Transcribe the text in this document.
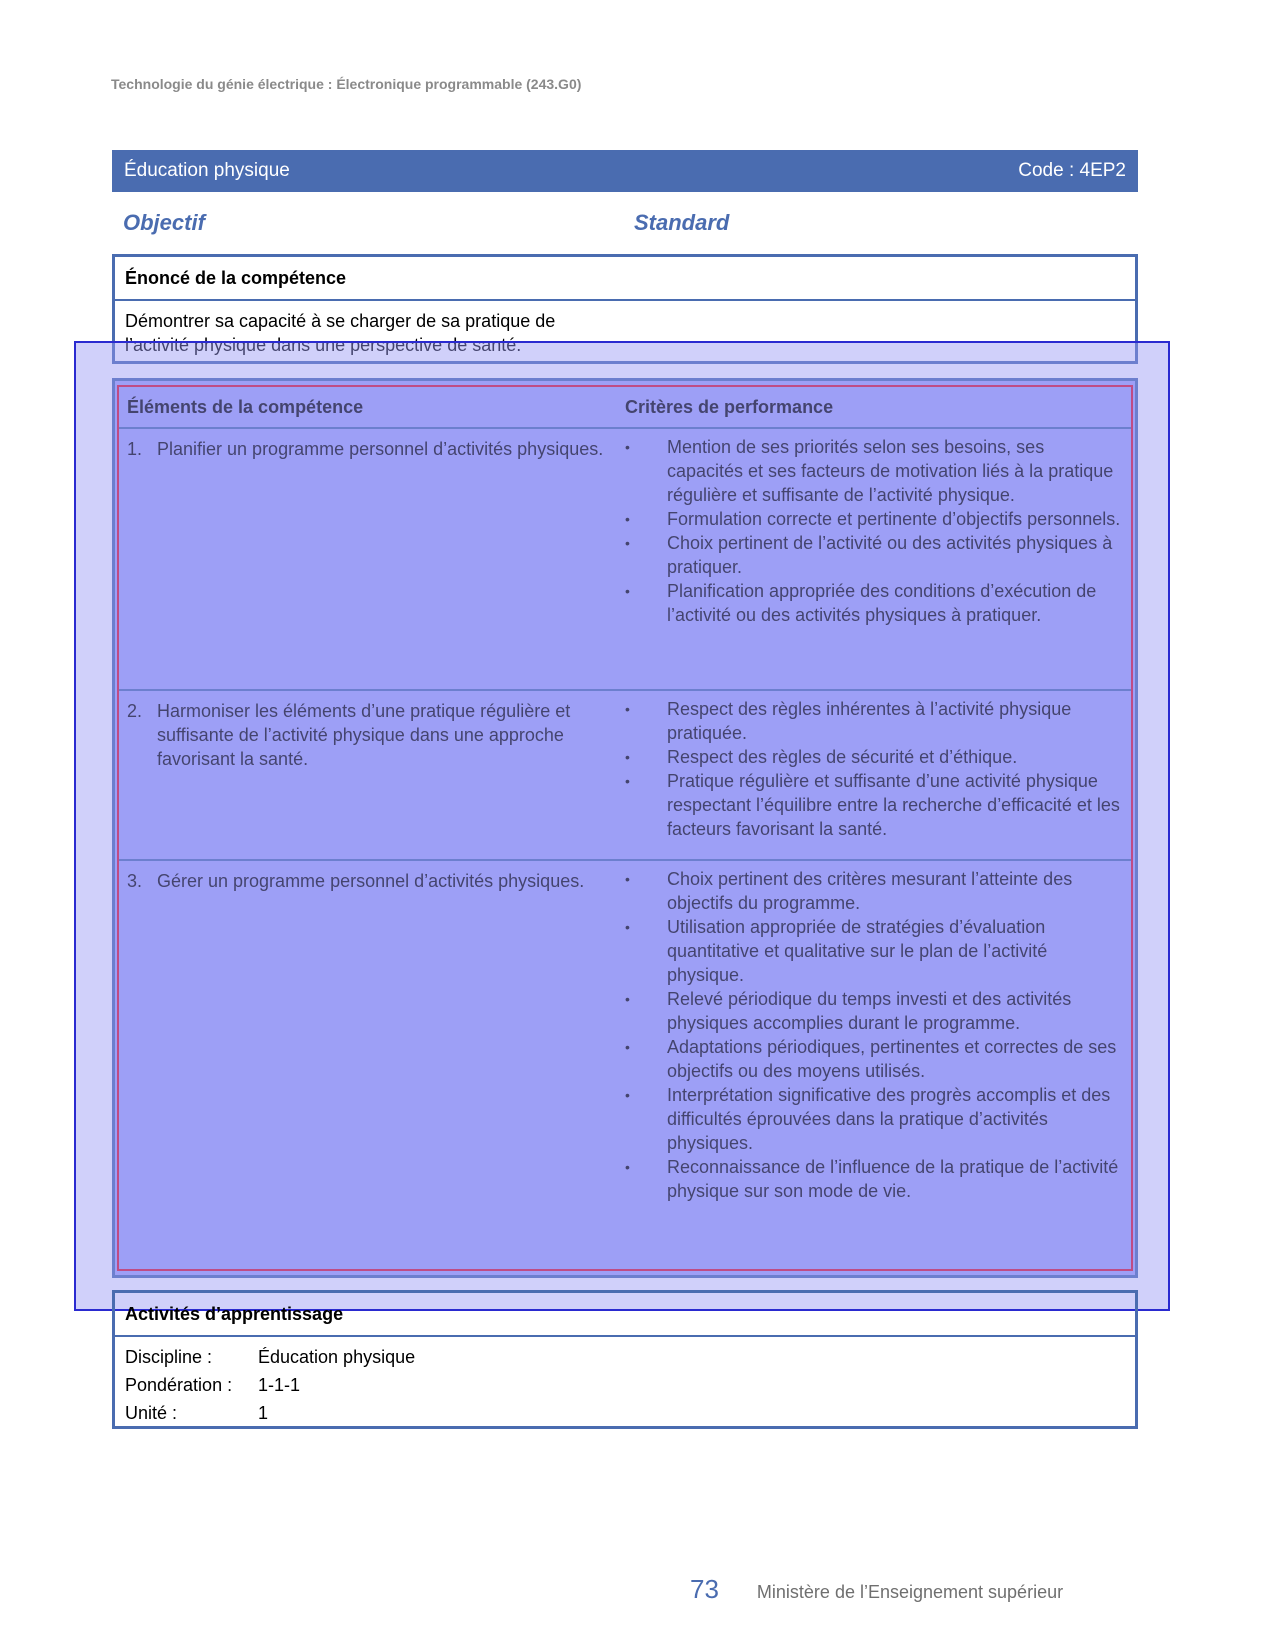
Technologie du génie électrique : Électronique programmable (243.G0)
Éducation physique	Code : 4EP2
Objectif	Standard
Énoncé de la compétence
Démontrer sa capacité à se charger de sa pratique de l’activité physique dans une perspective de santé.
Éléments de la compétence	Critères de performance
1. Planifier un programme personnel d’activités physiques.	•	Mention de ses priorités selon ses besoins, ses capacités et ses facteurs de motivation liés à la pratique régulière et suffisante de l’activité physique.
•	Formulation correcte et pertinente d’objectifs personnels.
•	Choix pertinent de l’activité ou des activités physiques à pratiquer.
•	Planification appropriée des conditions d’exécution de l’activité ou des activités physiques à pratiquer.
2. Harmoniser les éléments d’une pratique régulière et suffisante de l’activité physique dans une approche favorisant la santé.
•	Respect des règles inhérentes à l’activité physique pratiquée.
•	Respect des règles de sécurité et d’éthique.
•	Pratique régulière et suffisante d’une activité physique respectant l’équilibre entre la recherche d’efficacité et les facteurs favorisant la santé.
3. Gérer un programme personnel d’activités physiques.	•	Choix pertinent des critères mesurant l’atteinte des objectifs du programme.
•	Utilisation appropriée de stratégies d’évaluation quantitative et qualitative sur le plan de l’activité physique.
•	Relevé périodique du temps investi et des activités physiques accomplies durant le programme.
•	Adaptations périodiques, pertinentes et correctes de ses objectifs ou des moyens utilisés.
•	Interprétation significative des progrès accomplis et des difficultés éprouvées dans la pratique d’activités physiques.
•	Reconnaissance de l’influence de la pratique de l’activité physique sur son mode de vie.
Activités d’apprentissage
Discipline :	Éducation physique
Pondération :	1-1-1
Unité :	1
73 Ministère de l’Enseignement supérieur
